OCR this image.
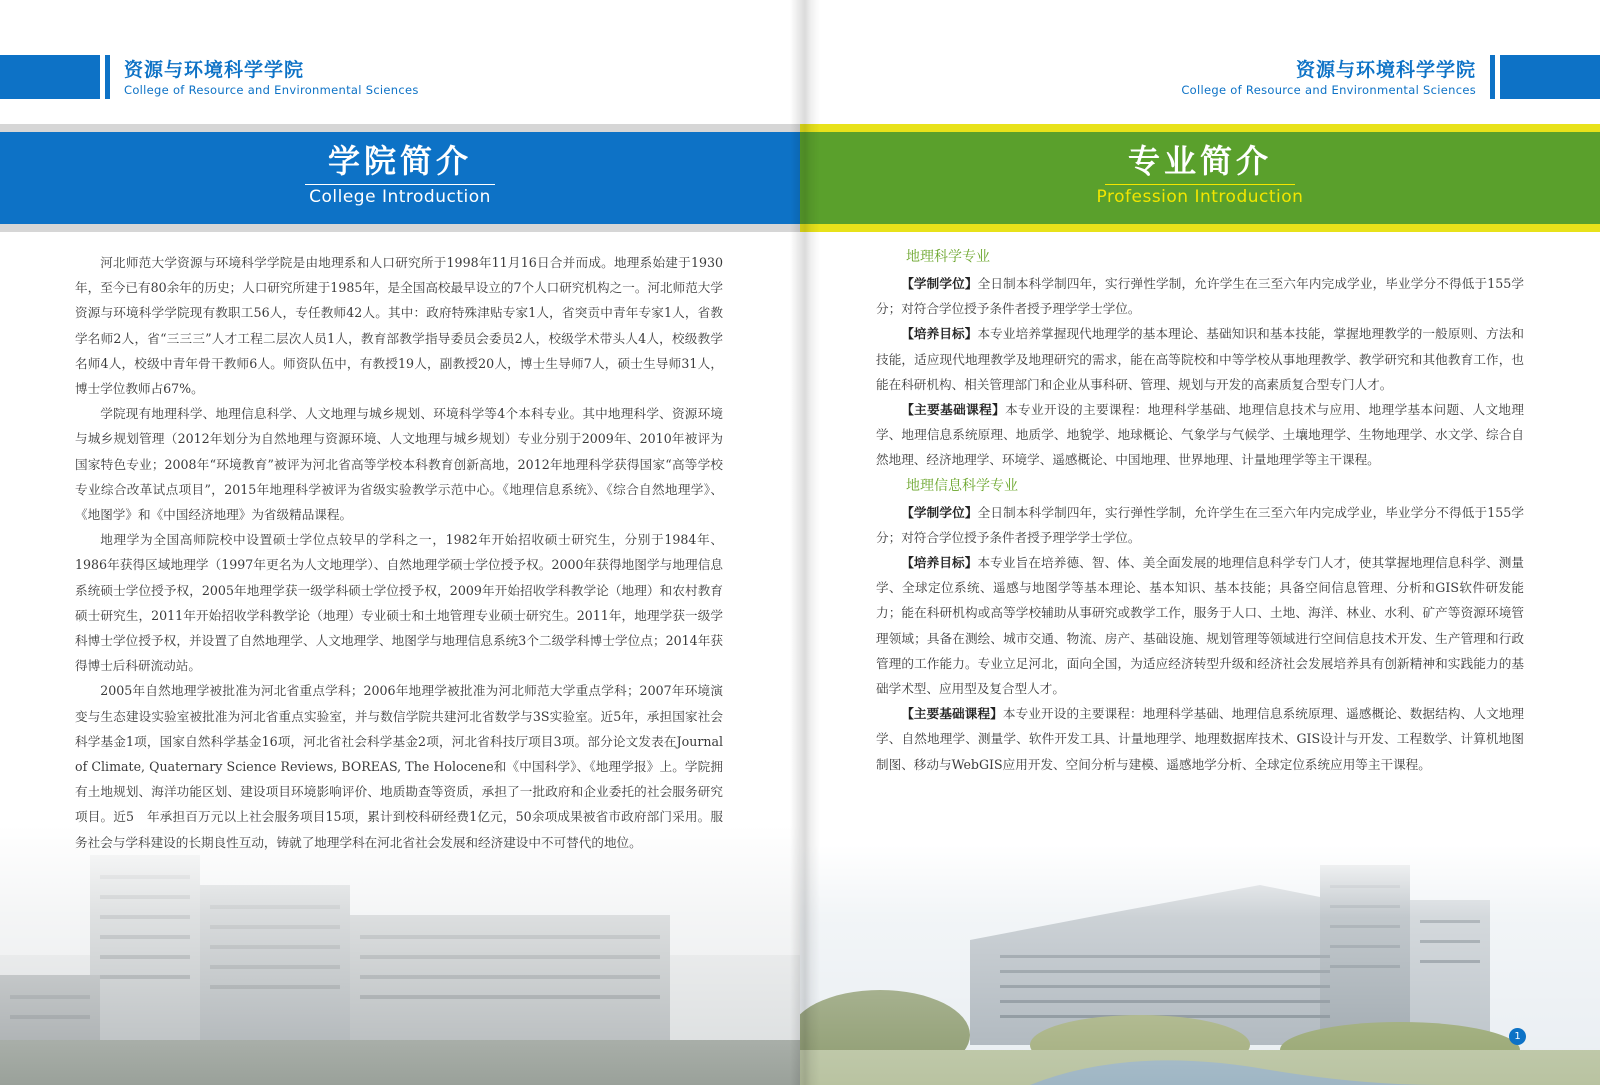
资源与环境科学学院
College of Resource and Environmental Sciences
学院简介
College Introduction

河北师范大学资源与环境科学学院是由地理系和人口研究所于1998年11月16日合并而成。地理系始建于1930年，至今已有80余年的历史；人口研究所建于1985年，是全国高校最早设立的7个人口研究机构之一。河北师范大学资源与环境科学学院现有教职工56人，专任教师42人。其中：政府特殊津贴专家1人，省突贡中青年专家1人，省教学名师2人，省“三三三”人才工程二层次人员1人，教育部教学指导委员会委员2人，校级学术带头人4人，校级教学名师4人，校级中青年骨干教师6人。师资队伍中，有教授19人，副教授20人，博士生导师7人，硕士生导师31人，博士学位教师占67%。

学院现有地理科学、地理信息科学、人文地理与城乡规划、环境科学等4个本科专业。其中地理科学、资源环境与城乡规划管理（2012年划分为自然地理与资源环境、人文地理与城乡规划）专业分别于2009年、2010年被评为国家特色专业；2008年“环境教育”被评为河北省高等学校本科教育创新高地，2012年地理科学获得国家“高等学校专业综合改革试点项目”，2015年地理科学被评为省级实验教学示范中心。《地理信息系统》、《综合自然地理学》、《地图学》和《中国经济地理》为省级精品课程。

地理学为全国高师院校中设置硕士学位点较早的学科之一，1982年开始招收硕士研究生，分别于1984年、1986年获得区域地理学（1997年更名为人文地理学）、自然地理学硕士学位授予权。2000年获得地图学与地理信息系统硕士学位授予权，2005年地理学获一级学科硕士学位授予权，2009年开始招收学科教学论（地理）和农村教育硕士研究生，2011年开始招收学科教学论（地理）专业硕士和土地管理专业硕士研究生。2011年，地理学获一级学科博士学位授予权，并设置了自然地理学、人文地理学、地图学与地理信息系统3个二级学科博士学位点；2014年获得博士后科研流动站。

2005年自然地理学被批准为河北省重点学科；2006年地理学被批准为河北师范大学重点学科；2007年环境演变与生态建设实验室被批准为河北省重点实验室，并与数信学院共建河北省数学与3S实验室。近5年，承担国家社会科学基金1项，国家自然科学基金16项，河北省社会科学基金2项，河北省科技厅项目3项。部分论文发表在Journal of Climate, Quaternary Science Reviews, BOREAS, The Holocene和《中国科学》、《地理学报》上。学院拥有土地规划、海洋功能区划、建设项目环境影响评价、地质勘查等资质，承担了一批政府和企业委托的社会服务研究项目。近5　年承担百万元以上社会服务项目15项，累计到校科研经费1亿元，50余项成果被省市政府部门采用。服务社会与学科建设的长期良性互动，铸就了地理学科在河北省社会发展和经济建设中不可替代的地位。

资源与环境科学学院
College of Resource and Environmental Sciences
专业简介
Profession Introduction
地理科学专业

【学制学位】全日制本科学制四年，实行弹性学制，允许学生在三至六年内完成学业，毕业学分不得低于155学分；对符合学位授予条件者授予理学学士学位。

【培养目标】本专业培养掌握现代地理学的基本理论、基础知识和基本技能，掌握地理教学的一般原则、方法和技能，适应现代地理教学及地理研究的需求，能在高等院校和中等学校从事地理教学、教学研究和其他教育工作，也能在科研机构、相关管理部门和企业从事科研、管理、规划与开发的高素质复合型专门人才。

【主要基础课程】本专业开设的主要课程：地理科学基础、地理信息技术与应用、地理学基本问题、人文地理学、地理信息系统原理、地质学、地貌学、地球概论、气象学与气候学、土壤地理学、生物地理学、水文学、综合自然地理、经济地理学、环境学、遥感概论、中国地理、世界地理、计量地理学等主干课程。

地理信息科学专业

【学制学位】全日制本科学制四年，实行弹性学制，允许学生在三至六年内完成学业，毕业学分不得低于155学分；对符合学位授予条件者授予理学学士学位。

【培养目标】本专业旨在培养德、智、体、美全面发展的地理信息科学专门人才，使其掌握地理信息科学、测量学、全球定位系统、遥感与地图学等基本理论、基本知识、基本技能；具备空间信息管理、分析和GIS软件研发能力；能在科研机构或高等学校辅助从事研究或教学工作，服务于人口、土地、海洋、林业、水利、矿产等资源环境管理领域；具备在测绘、城市交通、物流、房产、基础设施、规划管理等领域进行空间信息技术开发、生产管理和行政管理的工作能力。专业立足河北，面向全国，为适应经济转型升级和经济社会发展培养具有创新精神和实践能力的基础学术型、应用型及复合型人才。

【主要基础课程】本专业开设的主要课程：地理科学基础、地理信息系统原理、遥感概论、数据结构、人文地理学、自然地理学、测量学、软件开发工具、计量地理学、地理数据库技术、GIS设计与开发、工程数学、计算机地图制图、移动与WebGIS应用开发、空间分析与建模、遥感地学分析、全球定位系统应用等主干课程。

1
